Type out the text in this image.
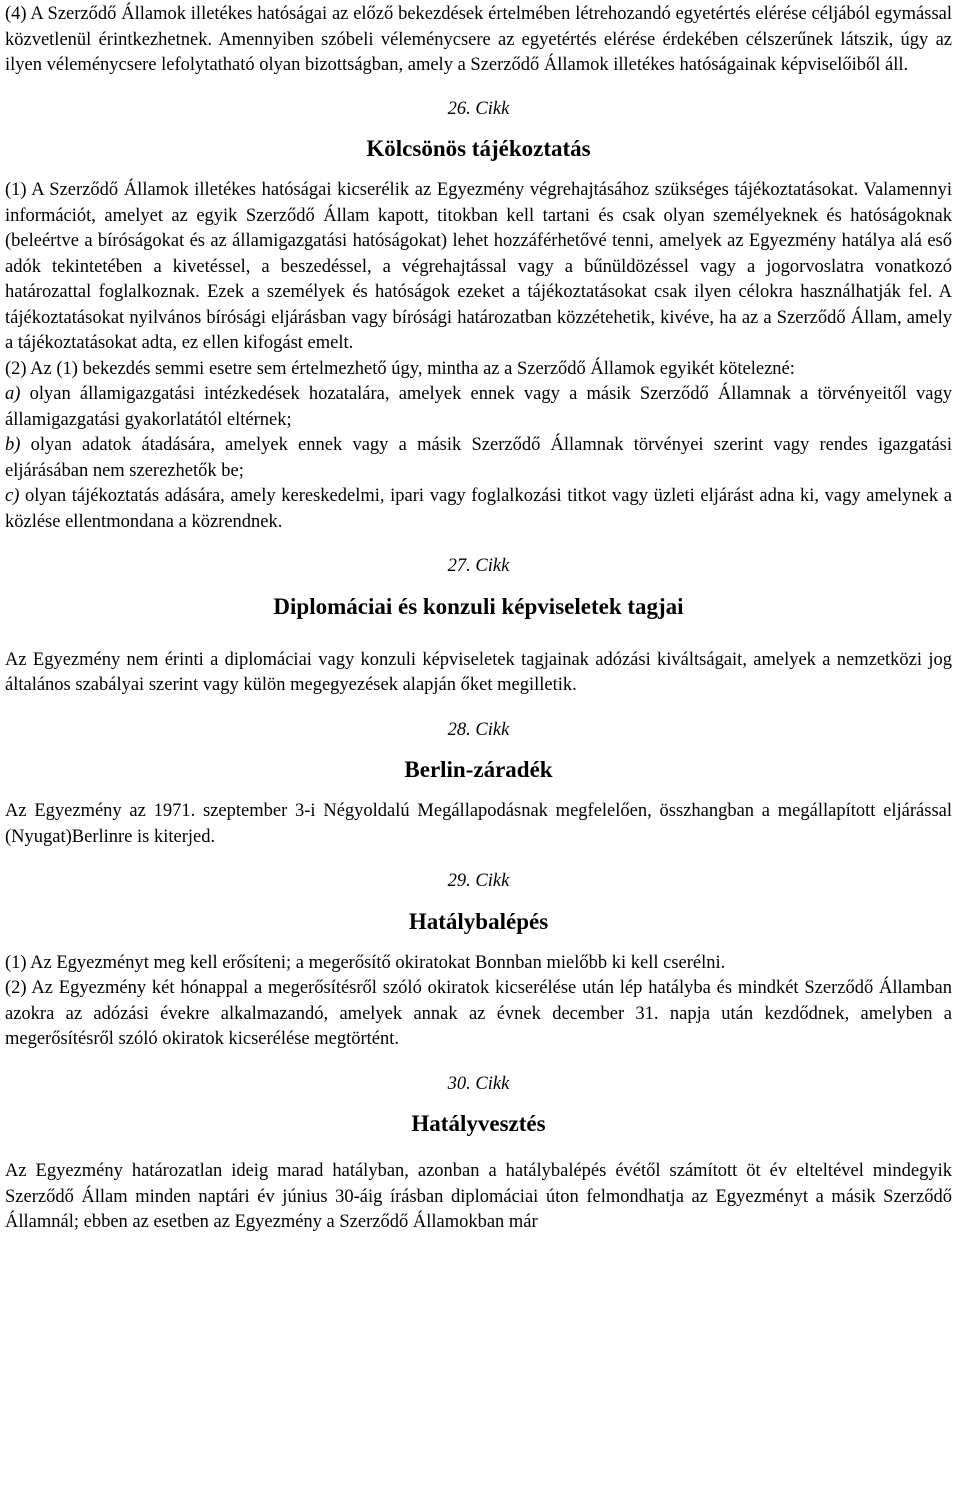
(4) A Szerződő Államok illetékes hatóságai az előző bekezdések értelmében létrehozandó egyetértés elérése céljából egymással közvetlenül érintkezhetnek. Amennyiben szóbeli véleménycsere az egyetértés elérése érdekében célszerűnek látszik, úgy az ilyen véleménycsere lefolytatható olyan bizottságban, amely a Szerződő Államok illetékes hatóságainak képviselőiből áll.

26. Cikk

Kölcsönös tájékoztatás

(1) A Szerződő Államok illetékes hatóságai kicserélik az Egyezmény végrehajtásához szükséges tájékoztatásokat. Valamennyi információt, amelyet az egyik Szerződő Állam kapott, titokban kell tartani és csak olyan személyeknek és hatóságoknak (beleértve a bíróságokat és az államigazgatási hatóságokat) lehet hozzáférhetővé tenni, amelyek az Egyezmény hatálya alá eső adók tekintetében a kivetéssel, a beszedéssel, a végrehajtással vagy a bűnüldözéssel vagy a jogorvoslatra vonatkozó határozattal foglalkoznak. Ezek a személyek és hatóságok ezeket a tájékoztatásokat csak ilyen célokra használhatják fel. A tájékoztatásokat nyilvános bírósági eljárásban vagy bírósági határozatban közzétehetik, kivéve, ha az a Szerződő Állam, amely a tájékoztatásokat adta, ez ellen kifogást emelt.

(2) Az (1) bekezdés semmi esetre sem értelmezhető úgy, mintha az a Szerződő Államok egyikét kötelezné:

a) olyan államigazgatási intézkedések hozatalára, amelyek ennek vagy a másik Szerződő Államnak a törvényeitől vagy államigazgatási gyakorlatától eltérnek;

b) olyan adatok átadására, amelyek ennek vagy a másik Szerződő Államnak törvényei szerint vagy rendes igazgatási eljárásában nem szerezhetők be;

c) olyan tájékoztatás adására, amely kereskedelmi, ipari vagy foglalkozási titkot vagy üzleti eljárást adna ki, vagy amelynek a közlése ellentmondana a közrendnek.

27. Cikk

Diplomáciai és konzuli képviseletek tagjai

Az Egyezmény nem érinti a diplomáciai vagy konzuli képviseletek tagjainak adózási kiváltságait, amelyek a nemzetközi jog általános szabályai szerint vagy külön megegyezések alapján őket megilletik.

28. Cikk

Berlin-záradék

Az Egyezmény az 1971. szeptember 3-i Négyoldalú Megállapodásnak megfelelően, összhangban a megállapított eljárással (Nyugat)Berlinre is kiterjed.

29. Cikk

Hatálybalépés

(1) Az Egyezményt meg kell erősíteni; a megerősítő okiratokat Bonnban mielőbb ki kell cserélni.

(2) Az Egyezmény két hónappal a megerősítésről szóló okiratok kicserélése után lép hatályba és mindkét Szerződő Államban azokra az adózási évekre alkalmazandó, amelyek annak az évnek december 31. napja után kezdődnek, amelyben a megerősítésről szóló okiratok kicserélése megtörtént.

30. Cikk

Hatályvesztés

Az Egyezmény határozatlan ideig marad hatályban, azonban a hatálybalépés évétől számított öt év elteltével mindegyik Szerződő Állam minden naptári év június 30-áig írásban diplomáciai úton felmondhatja az Egyezményt a másik Szerződő Államnál; ebben az esetben az Egyezmény a Szerződő Államokban már
